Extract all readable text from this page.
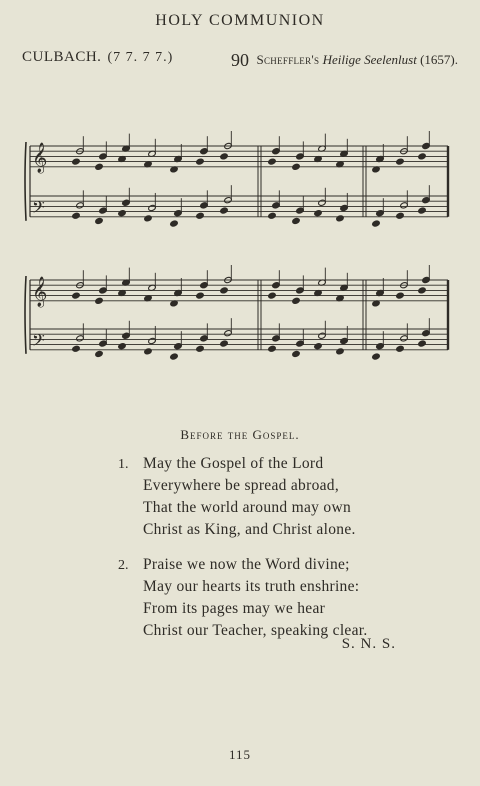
HOLY COMMUNION
CULBACH. (7 7. 7 7.)	90 Scheffler's Heilige Seelenlust (1657).
𝄞
𝄢
𝄞
𝄢
Before the Gospel.
1. May the Gospel of the Lord
Everywhere be spread abroad,
That the world around may own
Christ as King, and Christ alone.
2. Praise we now the Word divine;
May our hearts its truth enshrine:
From its pages may we hear
Christ our Teacher, speaking clear.
S. N. S.
115
